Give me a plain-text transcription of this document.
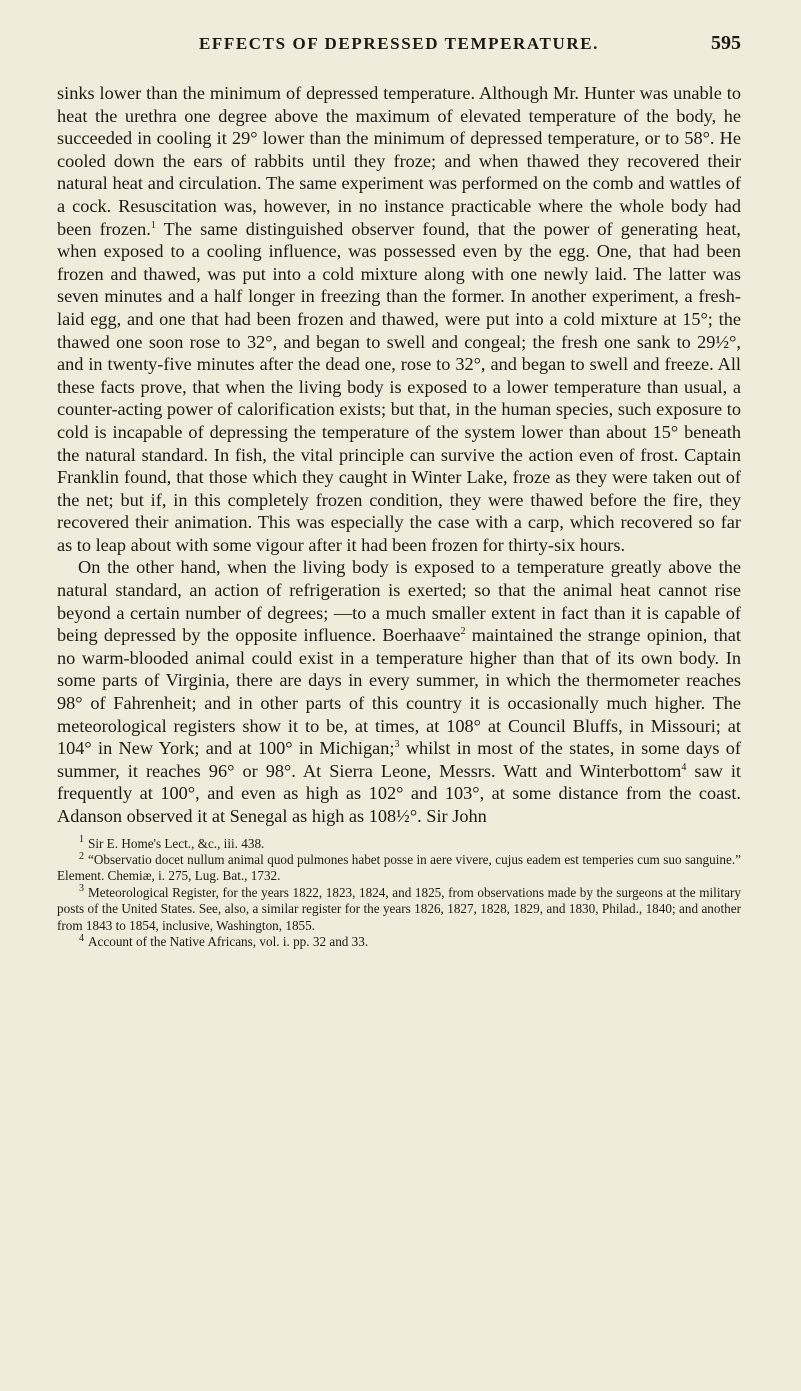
EFFECTS OF DEPRESSED TEMPERATURE.	595

sinks lower than the minimum of depressed temperature. Although Mr. Hunter was unable to heat the urethra one degree above the maximum of elevated temperature of the body, he succeeded in cooling it 29° lower than the minimum of depressed temperature, or to 58°. He cooled down the ears of rabbits until they froze; and when thawed they recovered their natural heat and circulation. The same experiment was performed on the comb and wattles of a cock. Resuscitation was, however, in no instance practicable where the whole body had been frozen.$^1$ The same distinguished observer found, that the power of generating heat, when exposed to a cooling influence, was possessed even by the egg. One, that had been frozen and thawed, was put into a cold mixture along with one newly laid. The latter was seven minutes and a half longer in freezing than the former. In another experiment, a fresh-laid egg, and one that had been frozen and thawed, were put into a cold mixture at 15°; the thawed one soon rose to 32°, and began to swell and congeal; the fresh one sank to 29½°, and in twenty-five minutes after the dead one, rose to 32°, and began to swell and freeze. All these facts prove, that when the living body is exposed to a lower temperature than usual, a counter-acting power of calorification exists; but that, in the human species, such exposure to cold is incapable of depressing the temperature of the system lower than about 15° beneath the natural standard. In fish, the vital principle can survive the action even of frost. Captain Franklin found, that those which they caught in Winter Lake, froze as they were taken out of the net; but if, in this completely frozen condition, they were thawed before the fire, they recovered their animation. This was especially the case with a carp, which recovered so far as to leap about with some vigour after it had been frozen for thirty-six hours.

On the other hand, when the living body is exposed to a temperature greatly above the natural standard, an action of refrigeration is exerted; so that the animal heat cannot rise beyond a certain number of degrees; —to a much smaller extent in fact than it is capable of being depressed by the opposite influence. Boerhaave$^2$ maintained the strange opinion, that no warm-blooded animal could exist in a temperature higher than that of its own body. In some parts of Virginia, there are days in every summer, in which the thermometer reaches 98° of Fahrenheit; and in other parts of this country it is occasionally much higher. The meteorological registers show it to be, at times, at 108° at Council Bluffs, in Missouri; at 104° in New York; and at 100° in Michigan;$^3$ whilst in most of the states, in some days of summer, it reaches 96° or 98°. At Sierra Leone, Messrs. Watt and Winterbottom$^4$ saw it frequently at 100°, and even as high as 102° and 103°, at some distance from the coast. Adanson observed it at Senegal as high as 108½°. Sir John

$^1$ Sir E. Home's Lect., &c., iii. 438.

$^2$ “Observatio docet nullum animal quod pulmones habet posse in aere vivere, cujus eadem est temperies cum suo sanguine.” Element. Chemiæ, i. 275, Lug. Bat., 1732.

$^3$ Meteorological Register, for the years 1822, 1823, 1824, and 1825, from observations made by the surgeons at the military posts of the United States. See, also, a similar register for the years 1826, 1827, 1828, 1829, and 1830, Philad., 1840; and another from 1843 to 1854, inclusive, Washington, 1855.

$^4$ Account of the Native Africans, vol. i. pp. 32 and 33.
